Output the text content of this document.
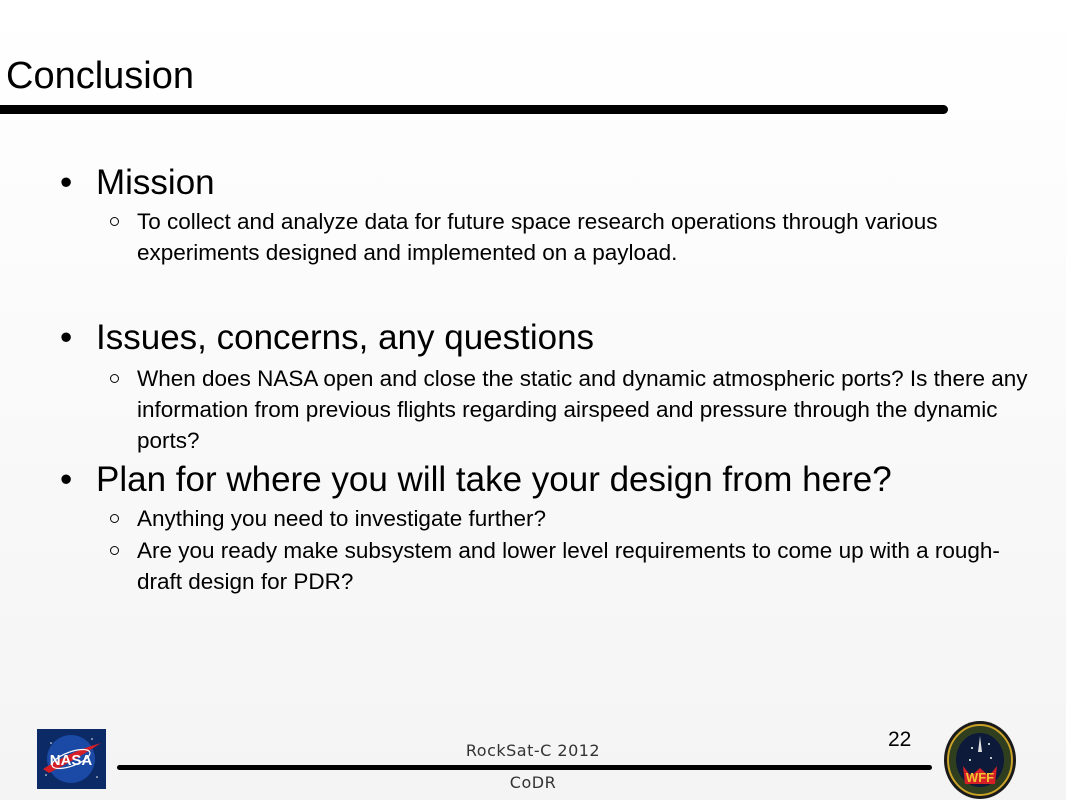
Conclusion
• Mission
To collect and analyze data for future space research operations through various experiments designed and implemented on a payload.
• Issues, concerns, any questions
When does NASA open and close the static and dynamic atmospheric ports? Is there any information from previous flights regarding airspeed and pressure through the dynamic ports?
• Plan for where you will take your design from here?
Anything you need to investigate further?
Are you ready make subsystem and lower level requirements to come up with a rough-draft design for PDR?
NASA
22
RockSat-C 2012
CoDR	WFF
